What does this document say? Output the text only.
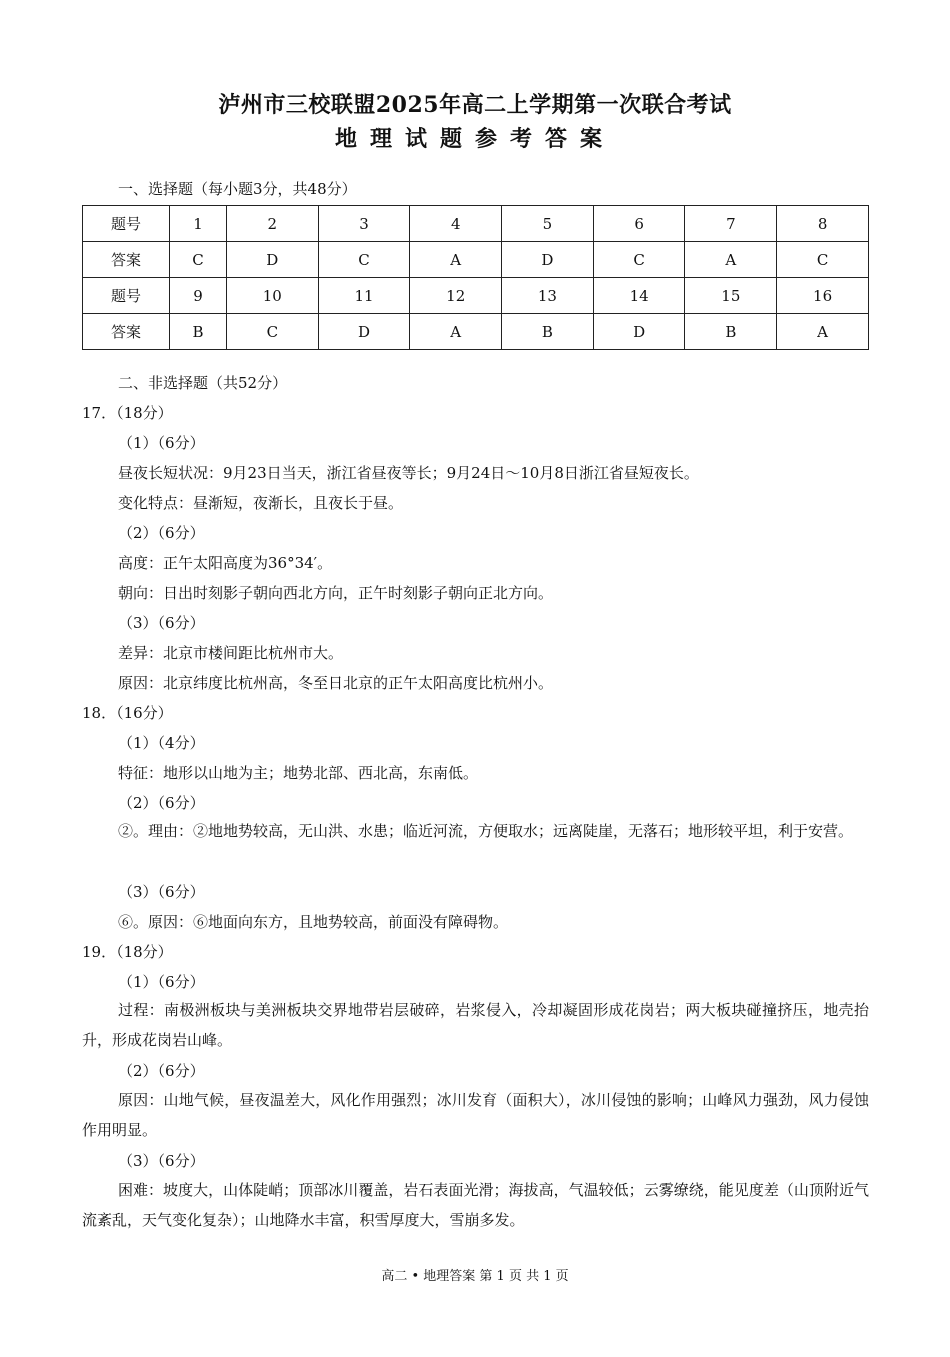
泸州市三校联盟2025年高二上学期第一次联合考试
地理试题参考答案
一、选择题（每小题3分，共48分）
题号	1	2	3	4	5	6	7	8
答案	C	D	C	A	D	C	A	C
题号	9	10	11	12	13	14	15	16
答案	B	C	D	A	B	D	B	A
二、非选择题（共52分）
17．（18分）
（1）（6分）
昼夜长短状况：9月23日当天，浙江省昼夜等长；9月24日～10月8日浙江省昼短夜长。
变化特点：昼渐短，夜渐长，且夜长于昼。
（2）（6分）
高度：正午太阳高度为36°34′。
朝向：日出时刻影子朝向西北方向，正午时刻影子朝向正北方向。
（3）（6分）
差异：北京市楼间距比杭州市大。
原因：北京纬度比杭州高，冬至日北京的正午太阳高度比杭州小。
18．（16分）
（1）（4分）
特征：地形以山地为主；地势北部、西北高，东南低。
（2）（6分）
②。理由：②地地势较高，无山洪、水患；临近河流，方便取水；远离陡崖，无落石；地形较平坦，利于安营。
（3）（6分）
⑥。原因：⑥地面向东方，且地势较高，前面没有障碍物。
19．（18分）
（1）（6分）
过程：南极洲板块与美洲板块交界地带岩层破碎，岩浆侵入，冷却凝固形成花岗岩；两大板块碰撞挤压，地壳抬升，形成花岗岩山峰。
（2）（6分）
原因：山地气候，昼夜温差大，风化作用强烈；冰川发育（面积大），冰川侵蚀的影响；山峰风力强劲，风力侵蚀作用明显。
（3）（6分）
困难：坡度大，山体陡峭；顶部冰川覆盖，岩石表面光滑；海拔高，气温较低；云雾缭绕，能见度差（山顶附近气流紊乱，天气变化复杂）；山地降水丰富，积雪厚度大，雪崩多发。
高二 • 地理答案 第 1 页 共 1 页
